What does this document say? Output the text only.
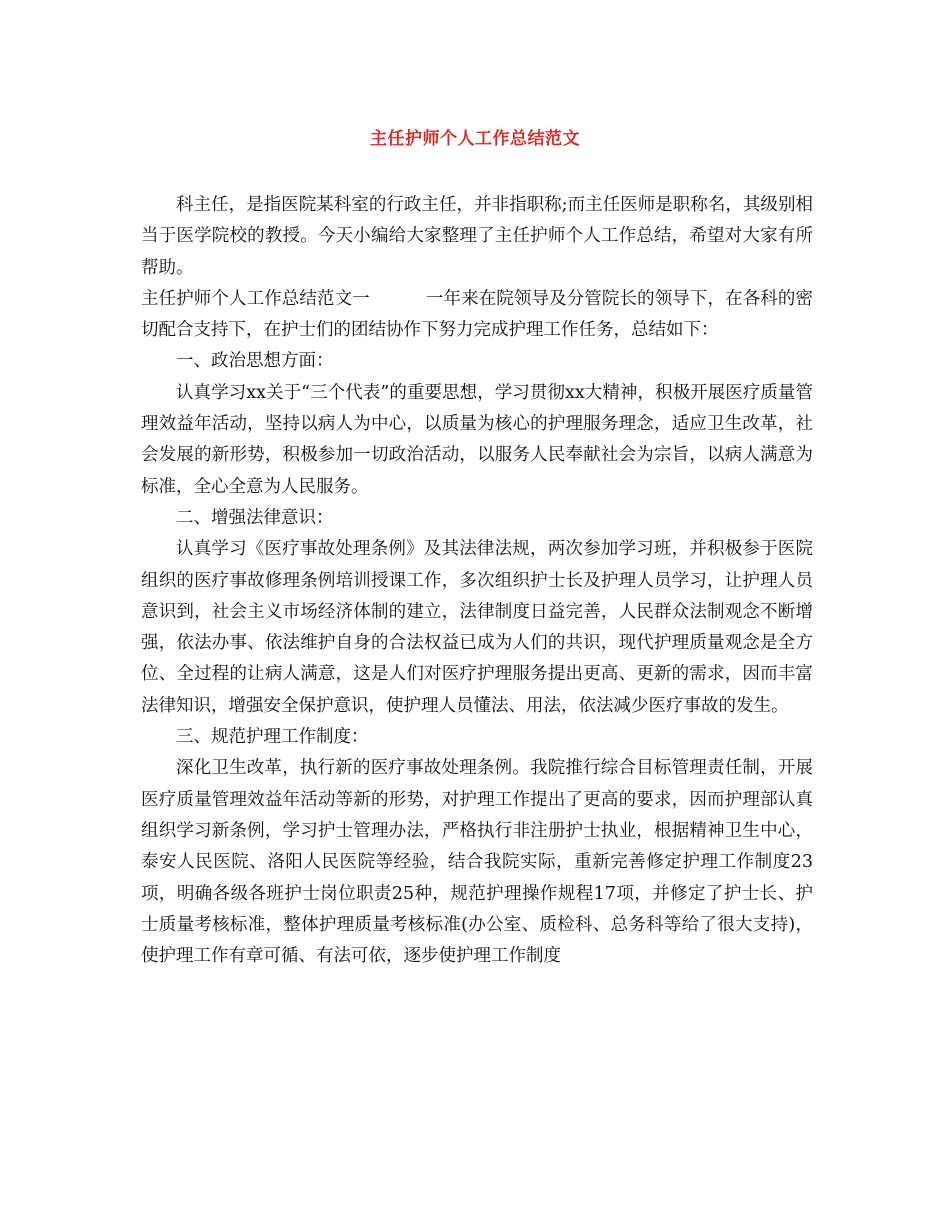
主任护师个人工作总结范文

科主任，是指医院某科室的行政主任，并非指职称;而主任医师是职称名，其级别相当于医学院校的教授。今天小编给大家整理了主任护师个人工作总结，希望对大家有所帮助。

主任护师个人工作总结范文一	一年来在院领导及分管院长的领导下，在各科的密切配合支持下，在护士们的团结协作下努力完成护理工作任务，总结如下：

一、政治思想方面：

认真学习xx关于“三个代表”的重要思想，学习贯彻xx大精神，积极开展医疗质量管理效益年活动，坚持以病人为中心，以质量为核心的护理服务理念，适应卫生改革，社会发展的新形势，积极参加一切政治活动，以服务人民奉献社会为宗旨，以病人满意为标准，全心全意为人民服务。

二、增强法律意识：

认真学习《医疗事故处理条例》及其法律法规，两次参加学习班，并积极参于医院组织的医疗事故修理条例培训授课工作，多次组织护士长及护理人员学习，让护理人员意识到，社会主义市场经济体制的建立，法律制度日益完善，人民群众法制观念不断增强，依法办事、依法维护自身的合法权益已成为人们的共识，现代护理质量观念是全方位、全过程的让病人满意，这是人们对医疗护理服务提出更高、更新的需求，因而丰富法律知识，增强安全保护意识，使护理人员懂法、用法，依法减少医疗事故的发生。

三、规范护理工作制度：

深化卫生改革，执行新的医疗事故处理条例。我院推行综合目标管理责任制，开展医疗质量管理效益年活动等新的形势，对护理工作提出了更高的要求，因而护理部认真组织学习新条例，学习护士管理办法，严格执行非注册护士执业，根据精神卫生中心，泰安人民医院、洛阳人民医院等经验，结合我院实际，重新完善修定护理工作制度23项，明确各级各班护士岗位职责25种，规范护理操作规程17项，并修定了护士长、护士质量考核标准，整体护理质量考核标准(办公室、质检科、总务科等给了很大支持)，使护理工作有章可循、有法可依，逐步使护理工作制度
